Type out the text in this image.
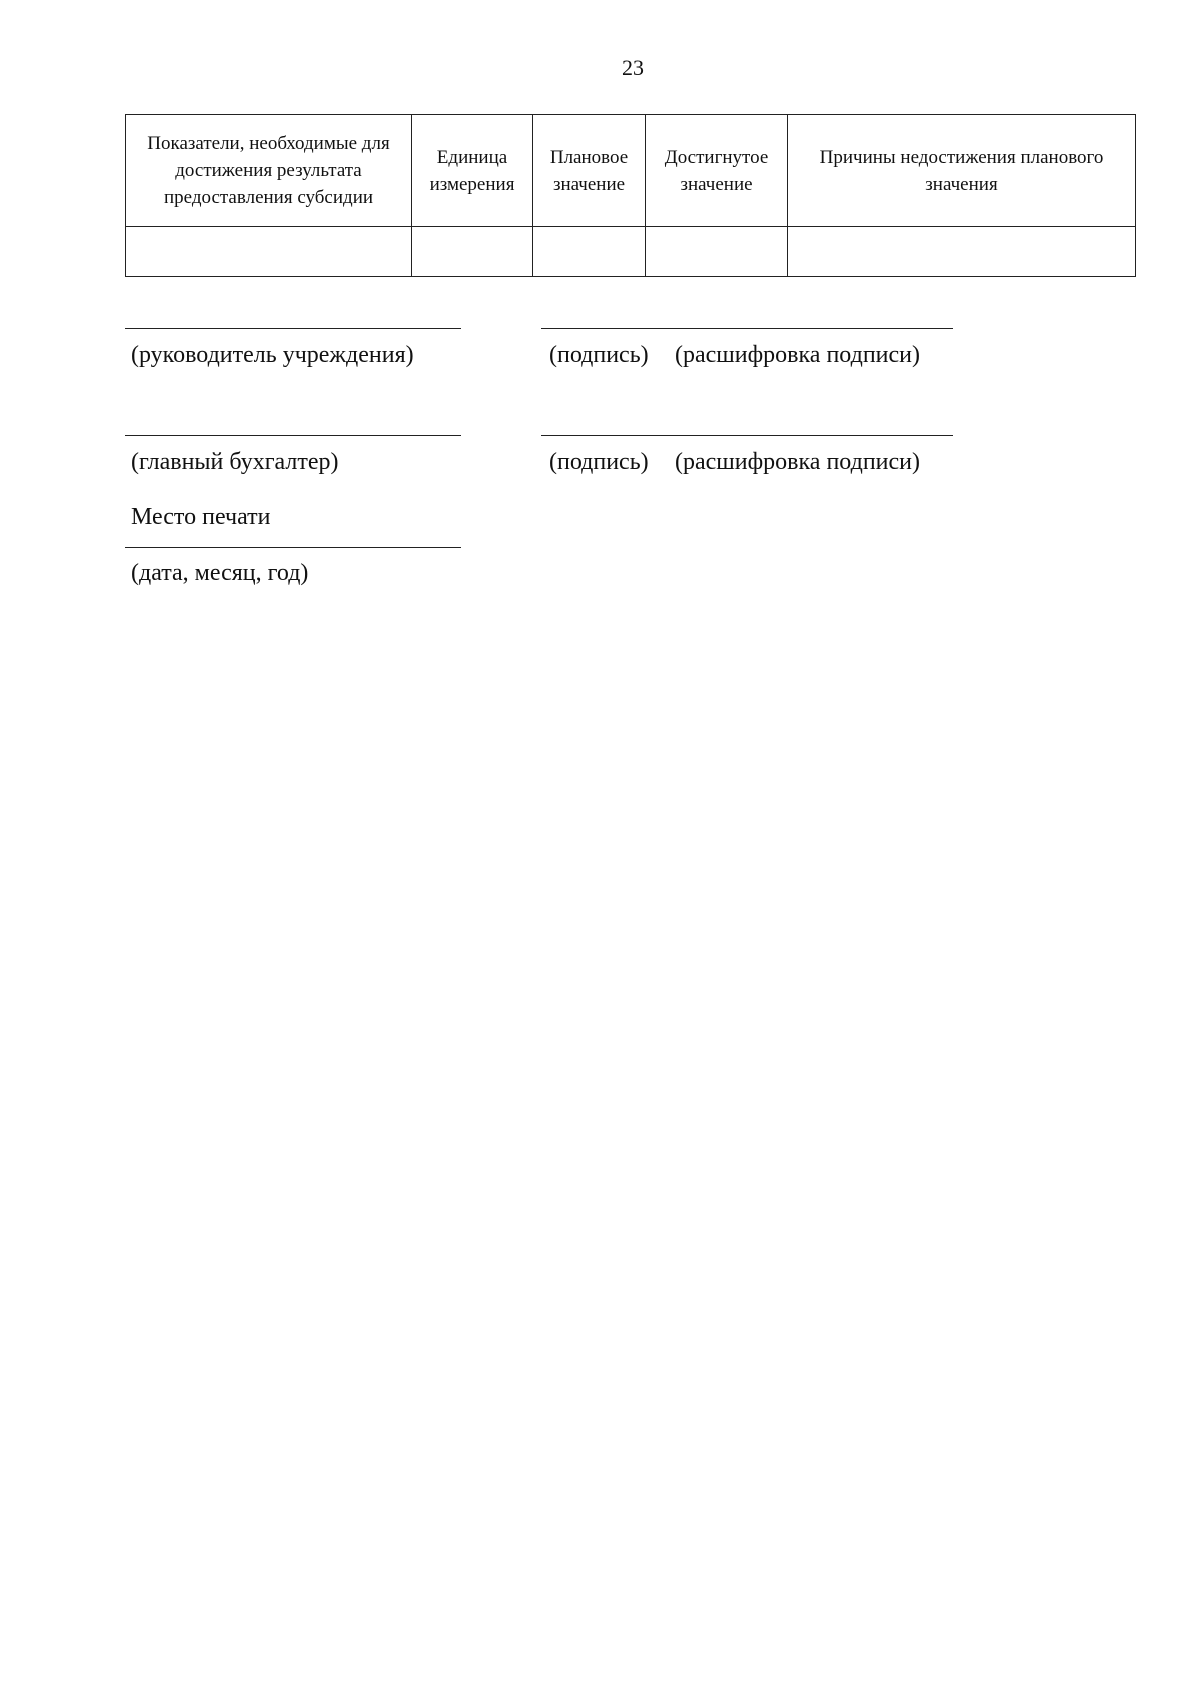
23
Показатели, необходимые для достижения результата предоставления субсидии	Единица измерения	Плановое значение	Достигнутое значение	Причины недостижения планового значения

(руководитель учреждения)	(подпись) (расшифровка подписи)
(главный бухгалтер)	(подпись) (расшифровка подписи)
Место печати
(дата, месяц, год)
